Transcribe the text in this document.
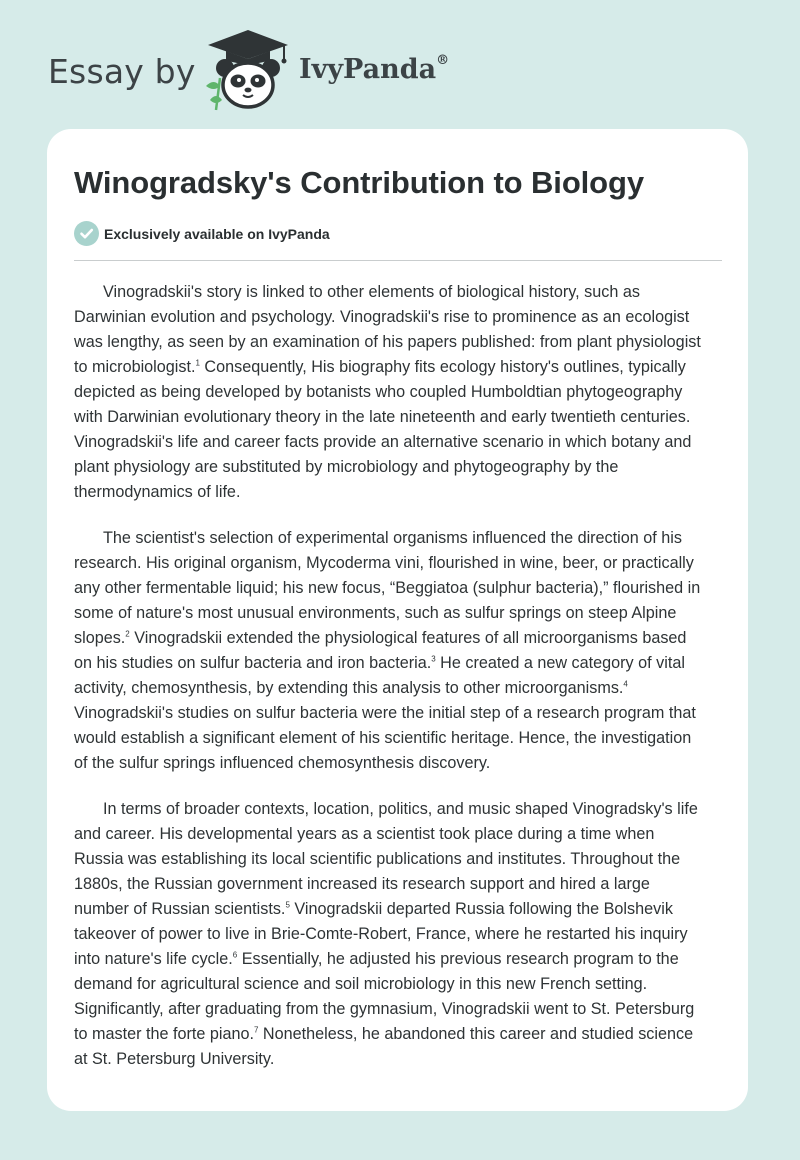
Essay by	IvyPanda®
Winogradsky's Contribution to Biology
Exclusively available on IvyPanda

Vinogradskii's story is linked to other elements of biological history, such as
Darwinian evolution and psychology. Vinogradskii's rise to prominence as an ecologist
was lengthy, as seen by an examination of his papers published: from plant physiologist
to microbiologist.$^1$ Consequently, His biography fits ecology history's outlines, typically
depicted as being developed by botanists who coupled Humboldtian phytogeography
with Darwinian evolutionary theory in the late nineteenth and early twentieth centuries.
Vinogradskii's life and career facts provide an alternative scenario in which botany and
plant physiology are substituted by microbiology and phytogeography by the
thermodynamics of life.

The scientist's selection of experimental organisms influenced the direction of his
research. His original organism, Mycoderma vini, flourished in wine, beer, or practically
any other fermentable liquid; his new focus, “Beggiatoa (sulphur bacteria),” flourished in
some of nature's most unusual environments, such as sulfur springs on steep Alpine
slopes.$^2$ Vinogradskii extended the physiological features of all microorganisms based
on his studies on sulfur bacteria and iron bacteria.$^3$ He created a new category of vital
activity, chemosynthesis, by extending this analysis to other microorganisms.$^4$
Vinogradskii's studies on sulfur bacteria were the initial step of a research program that
would establish a significant element of his scientific heritage. Hence, the investigation
of the sulfur springs influenced chemosynthesis discovery.

In terms of broader contexts, location, politics, and music shaped Vinogradsky's life
and career. His developmental years as a scientist took place during a time when
Russia was establishing its local scientific publications and institutes. Throughout the
1880s, the Russian government increased its research support and hired a large
number of Russian scientists.$^5$ Vinogradskii departed Russia following the Bolshevik
takeover of power to live in Brie-Comte-Robert, France, where he restarted his inquiry
into nature's life cycle.$^6$ Essentially, he adjusted his previous research program to the
demand for agricultural science and soil microbiology in this new French setting.
Significantly, after graduating from the gymnasium, Vinogradskii went to St. Petersburg
to master the forte piano.$^7$ Nonetheless, he abandoned this career and studied science
at St. Petersburg University.
